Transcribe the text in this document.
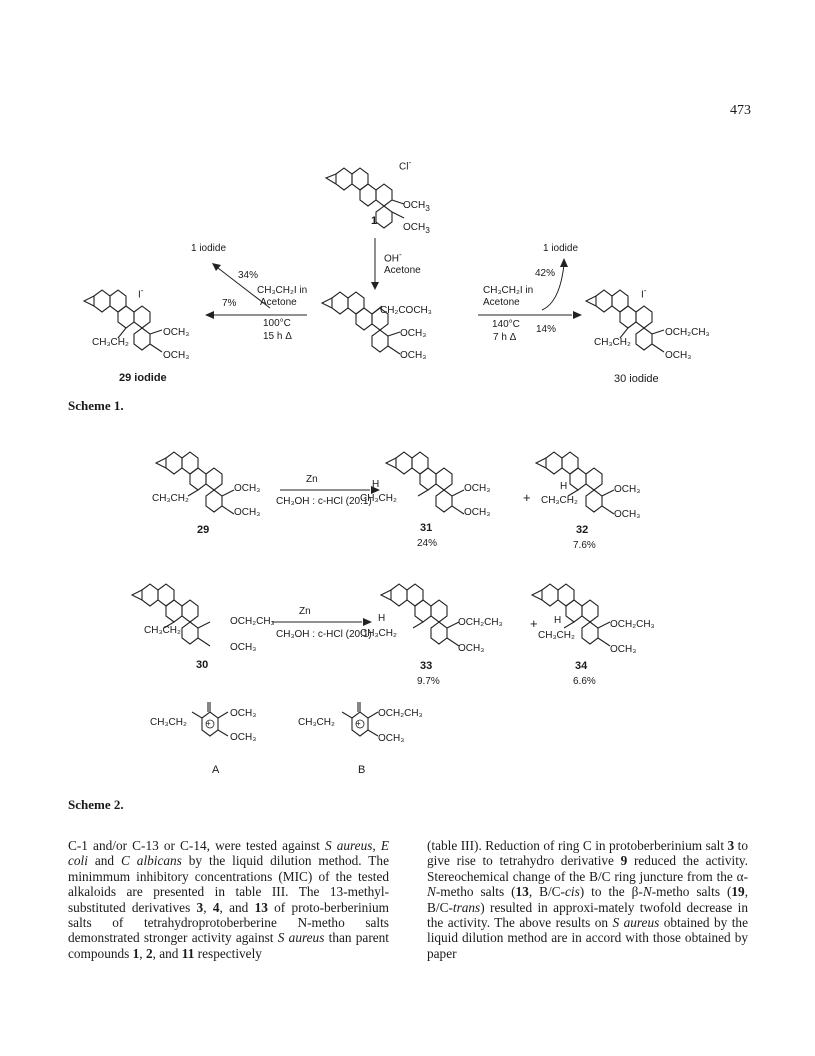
473
Cl-
$OCH_3$
$OCH_3$
1
OH-
Acetone
CH₂COCH₃
OCH₃
OCH₃
1 iodide
34%
7%
CH₃CH₂I in
Acetone
100°C
15 h Δ
I-
CH₃CH₂
OCH₃
OCH₃
29 iodide
1 iodide
42%
CH₃CH₂I in
Acetone
140°C
7 h Δ
14%
I-
CH₃CH₂
OCH₂CH₃
OCH₃
30 iodide
Scheme 1.
CH₃CH₂
OCH₃
OCH₃
29
Zn
CH₃OH : c-HCl (20:1)
H
CH₃CH₂
OCH₃
OCH₃
31
24%
+
H
CH₃CH₂
OCH₃
OCH₃
32
7.6%
CH₃CH₂
OCH₂CH₃
OCH₃
30
Zn
CH₃OH : c-HCl (20:1)
H
CH₃CH₂
OCH₂CH₃
OCH₃
33
9.7%
+ H
CH₃CH₂
OCH₂CH₃
OCH₃
34
6.6%
+
CH₃CH₂
OCH₃
OCH₃
A
+
CH₃CH₂
OCH₂CH₃
OCH₃
B
Scheme 2.

C-1 and/or C-13 or C-14, were tested against S aureus, E coli and C albicans by the liquid dilution method. The minimmum inhibitory concentrations (MIC) of the tested alkaloids are presented in table III. The 13-methyl-substituted derivatives 3, 4, and 13 of proto-berberinium salts of tetrahydroprotoberberine N-metho salts demonstrated stronger activity against S aureus than parent compounds 1, 2, and 11 respectively

(table III). Reduction of ring C in protoberberinium salt 3 to give rise to tetrahydro derivative 9 reduced the activity. Stereochemical change of the B/C ring juncture from the α-N-metho salts (13, B/C-cis) to the β-N-metho salts (19, B/C-trans) resulted in approxi-mately twofold decrease in the activity. The above results on S aureus obtained by the liquid dilution method are in accord with those obtained by paper
